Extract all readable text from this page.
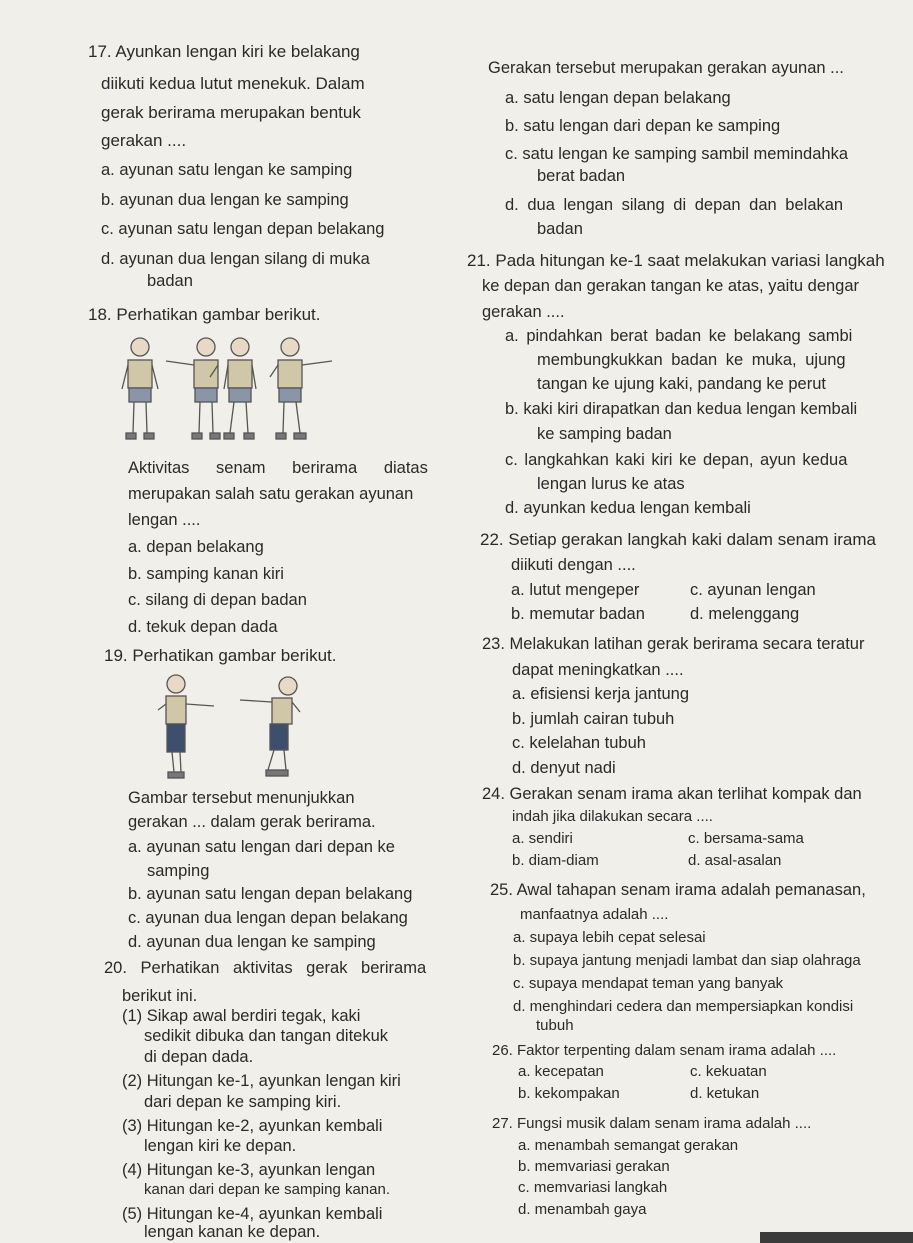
17. Ayunkan lengan kiri ke belakang
diikuti kedua lutut menekuk. Dalam
gerak berirama merupakan bentuk
gerakan ....
a. ayunan satu lengan ke samping
b. ayunan dua lengan ke samping
c. ayunan satu lengan depan belakang
d. ayunan dua lengan silang di muka
badan
18. Perhatikan gambar berikut.
Aktivitas senam berirama diatas
merupakan salah satu gerakan ayunan
lengan ....
a. depan belakang
b. samping kanan kiri
c. silang di depan badan
d. tekuk depan dada
19. Perhatikan gambar berikut.
Gambar tersebut menunjukkan
gerakan ... dalam gerak berirama.
a. ayunan satu lengan dari depan ke
samping
b. ayunan satu lengan depan belakang
c. ayunan dua lengan depan belakang
d. ayunan dua lengan ke samping
20. Perhatikan aktivitas gerak berirama
berikut ini.
(1) Sikap awal berdiri tegak, kaki
sedikit dibuka dan tangan ditekuk
di depan dada.
(2) Hitungan ke-1, ayunkan lengan kiri
dari depan ke samping kiri.
(3) Hitungan ke-2, ayunkan kembali
lengan kiri ke depan.
(4) Hitungan ke-3, ayunkan lengan
kanan dari depan ke samping kanan.
(5) Hitungan ke-4, ayunkan kembali
lengan kanan ke depan.
Gerakan tersebut merupakan gerakan ayunan ...
a. satu lengan depan belakang
b. satu lengan dari depan ke samping
c. satu lengan ke samping sambil memindahka
berat badan
d. dua lengan silang di depan dan belakan
badan
21. Pada hitungan ke-1 saat melakukan variasi langkah
ke depan dan gerakan tangan ke atas, yaitu dengar
gerakan ....
a. pindahkan berat badan ke belakang sambi
membungkukkan badan ke muka, ujung
tangan ke ujung kaki, pandang ke perut
b. kaki kiri dirapatkan dan kedua lengan kembali
ke samping badan
c. langkahkan kaki kiri ke depan, ayun kedua
lengan lurus ke atas
d. ayunkan kedua lengan kembali
22. Setiap gerakan langkah kaki dalam senam irama
diikuti dengan ....
a. lutut mengeper
b. memutar badan
c. ayunan lengan
d. melenggang
23. Melakukan latihan gerak berirama secara teratur
dapat meningkatkan ....
a. efisiensi kerja jantung
b. jumlah cairan tubuh
c. kelelahan tubuh
d. denyut nadi
24. Gerakan senam irama akan terlihat kompak dan
indah jika dilakukan secara ....
a. sendiri
b. diam-diam
c. bersama-sama
d. asal-asalan
25. Awal tahapan senam irama adalah pemanasan,
manfaatnya adalah ....
a. supaya lebih cepat selesai
b. supaya jantung menjadi lambat dan siap olahraga
c. supaya mendapat teman yang banyak
d. menghindari cedera dan mempersiapkan kondisi
tubuh
26. Faktor terpenting dalam senam irama adalah ....
a. kecepatan
b. kekompakan
c. kekuatan
d. ketukan
27. Fungsi musik dalam senam irama adalah ....
a. menambah semangat gerakan
b. memvariasi gerakan
c. memvariasi langkah
d. menambah gaya
